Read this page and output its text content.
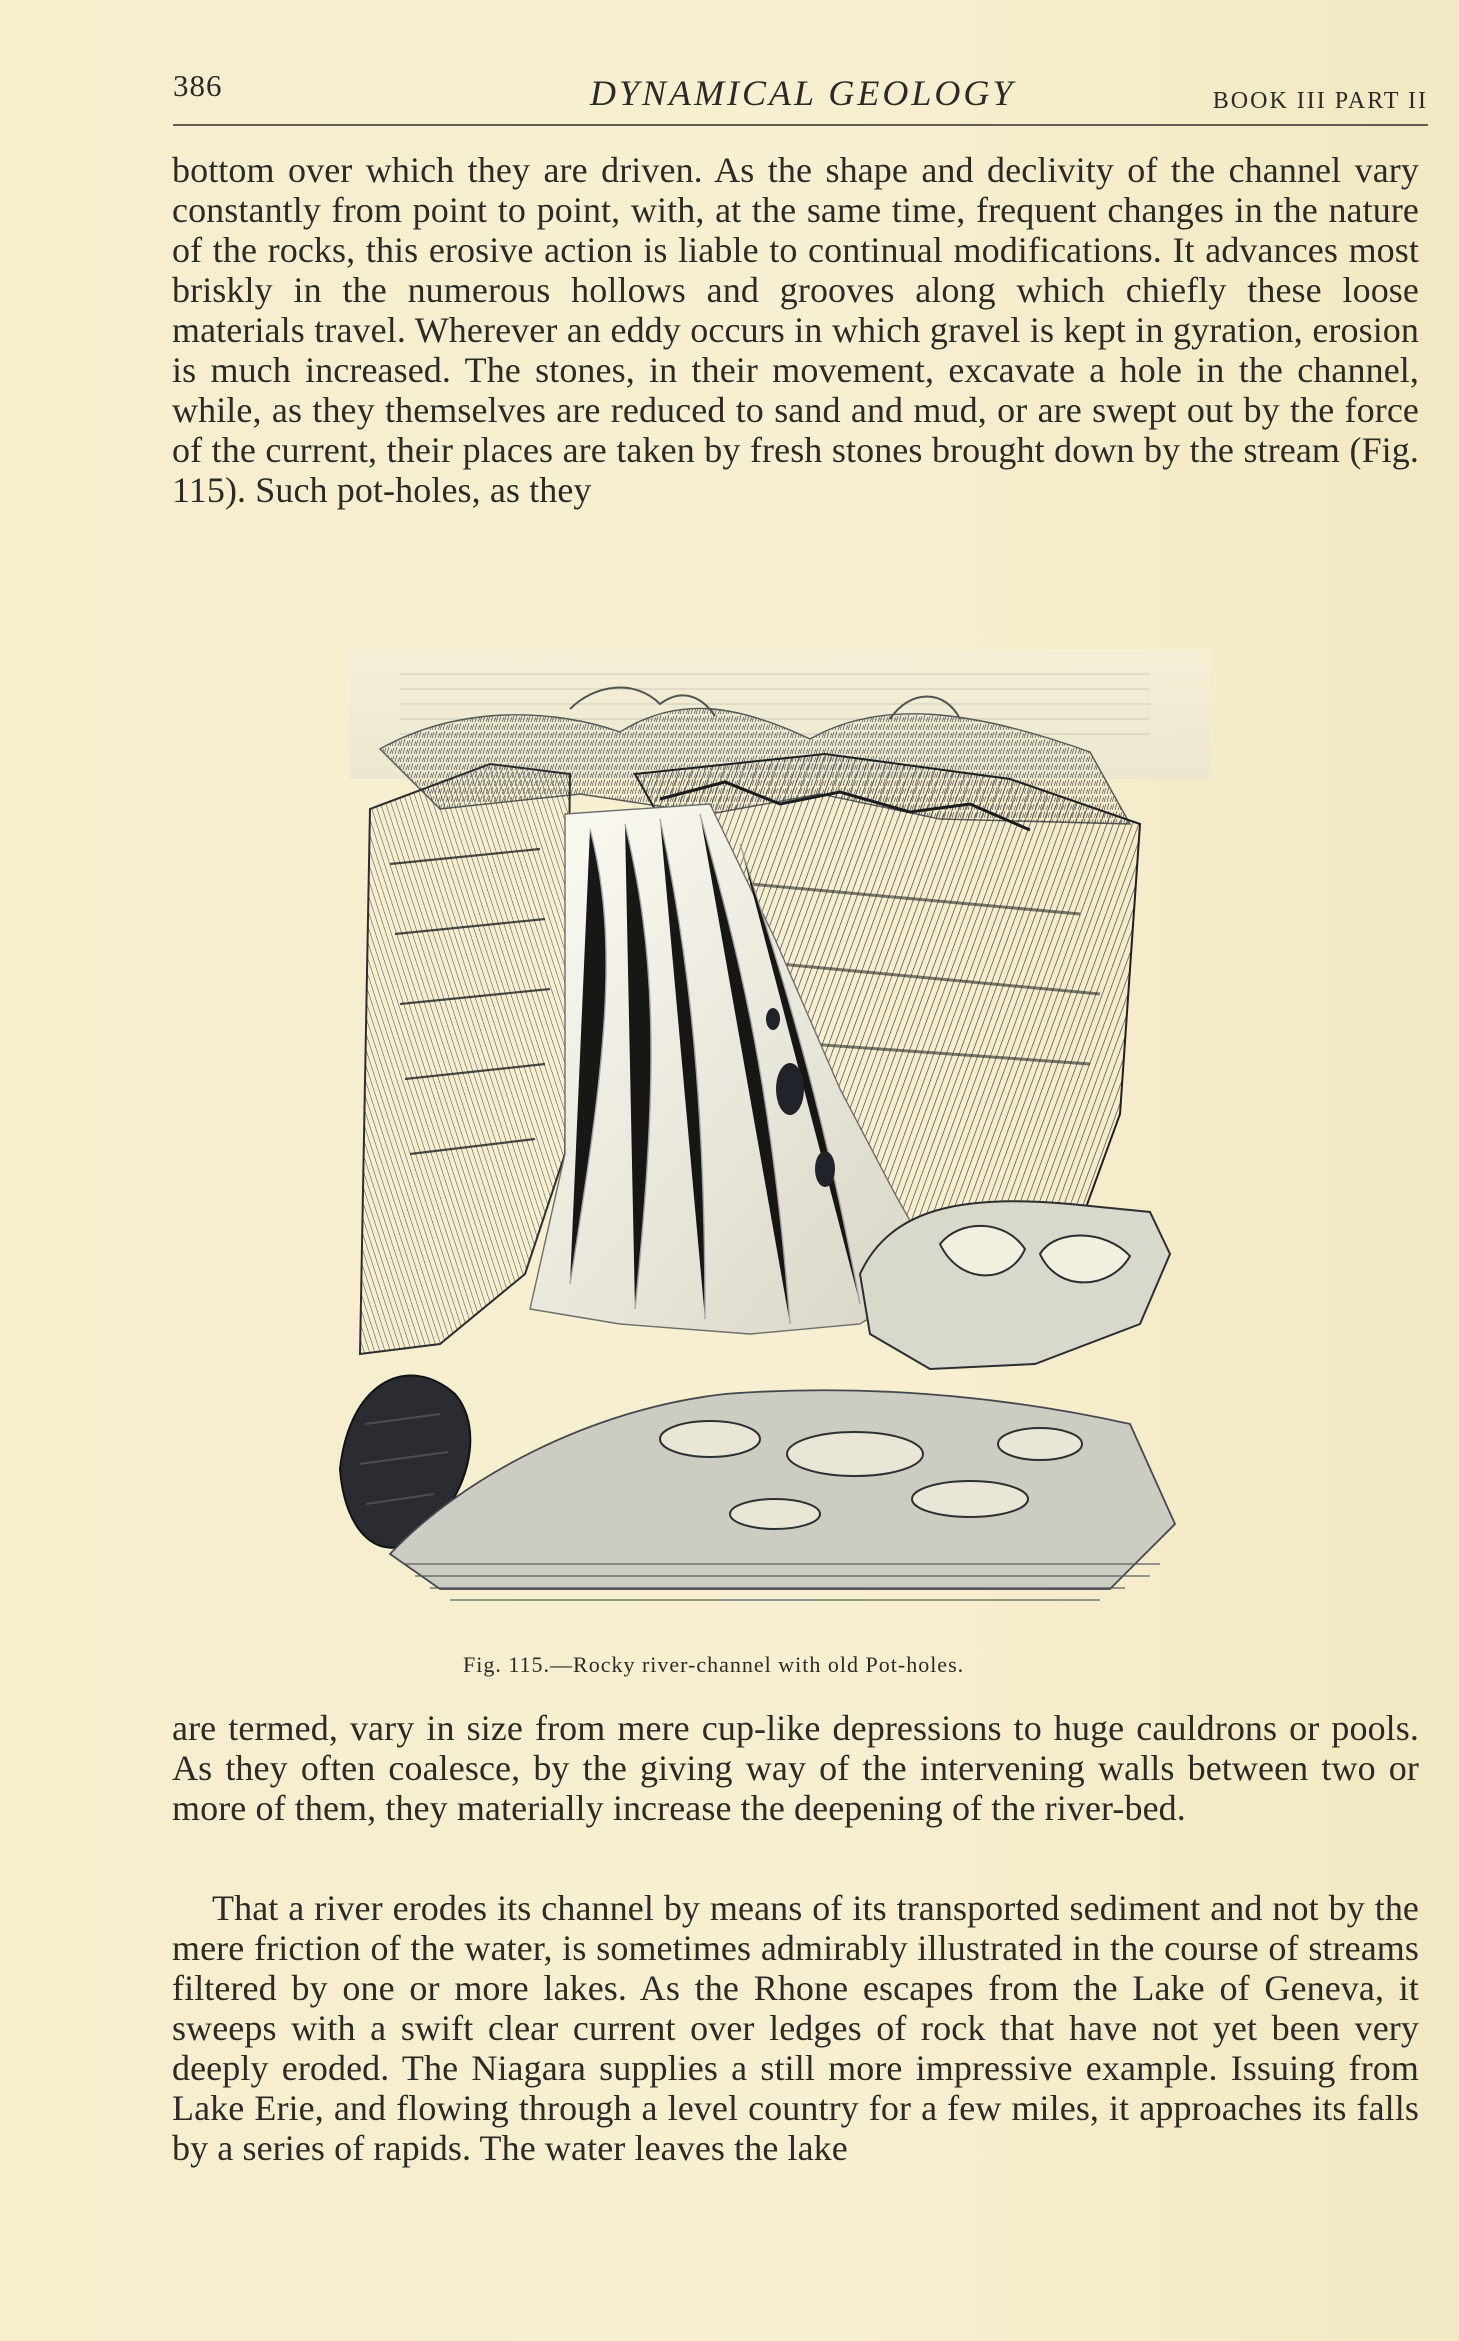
386	DYNAMICAL GEOLOGY	BOOK III PART II
bottom over which they are driven. As the shape and declivity of the channel vary constantly from point to point, with, at the same time, frequent changes in the nature of the rocks, this erosive action is liable to continual modifications. It advances most briskly in the numerous hollows and grooves along which chiefly these loose materials travel. Wherever an eddy occurs in which gravel is kept in gyration, erosion is much increased. The stones, in their movement, excavate a hole in the channel, while, as they themselves are reduced to sand and mud, or are swept out by the force of the current, their places are taken by fresh stones brought down by the stream (Fig. 115). Such pot-holes, as they
Fig. 115.—Rocky river-channel with old Pot-holes.
are termed, vary in size from mere cup-like depressions to huge cauldrons or pools. As they often coalesce, by the giving way of the intervening walls between two or more of them, they materially increase the deepening of the river-bed.
That a river erodes its channel by means of its transported sediment and not by the mere friction of the water, is sometimes admirably illustrated in the course of streams filtered by one or more lakes. As the Rhone escapes from the Lake of Geneva, it sweeps with a swift clear current over ledges of rock that have not yet been very deeply eroded. The Niagara supplies a still more impressive example. Issuing from Lake Erie, and flowing through a level country for a few miles, it approaches its falls by a series of rapids. The water leaves the lake
